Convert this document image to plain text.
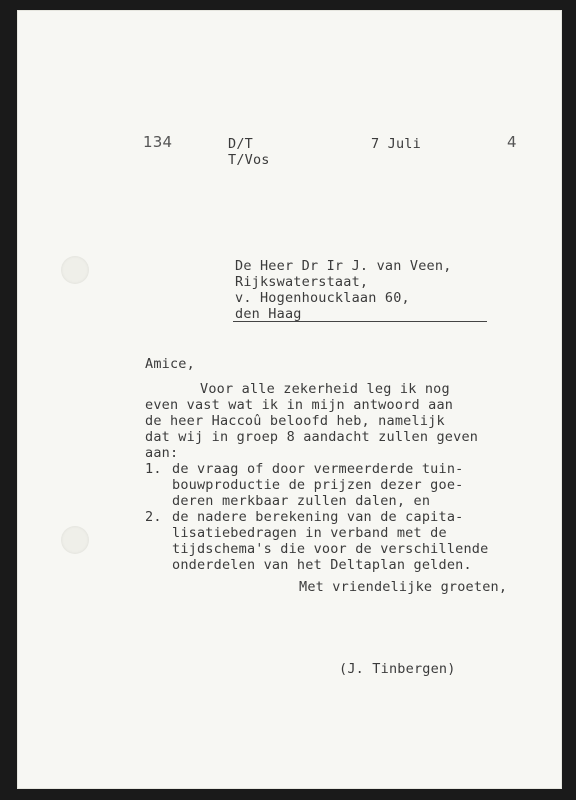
134	D/T

T/Vos

7 Juli	4

De Heer Dr Ir J. van Veen,

Rijkswaterstaat,

v. Hogenhoucklaan 60,

den Haag

Amice,

Voor alle zekerheid leg ik nog

even vast wat ik in mijn antwoord aan

de heer Haccoû beloofd heb, namelijk

dat wij in groep 8 aandacht zullen geven

aan:

1. de vraag of door vermeerderde tuin-

bouwproductie de prijzen dezer goe-

deren merkbaar zullen dalen, en

2. de nadere berekening van de capita-

lisatiebedragen in verband met de

tijdschema's die voor de verschillende

onderdelen van het Deltaplan gelden.

Met vriendelijke groeten,

(J. Tinbergen)
